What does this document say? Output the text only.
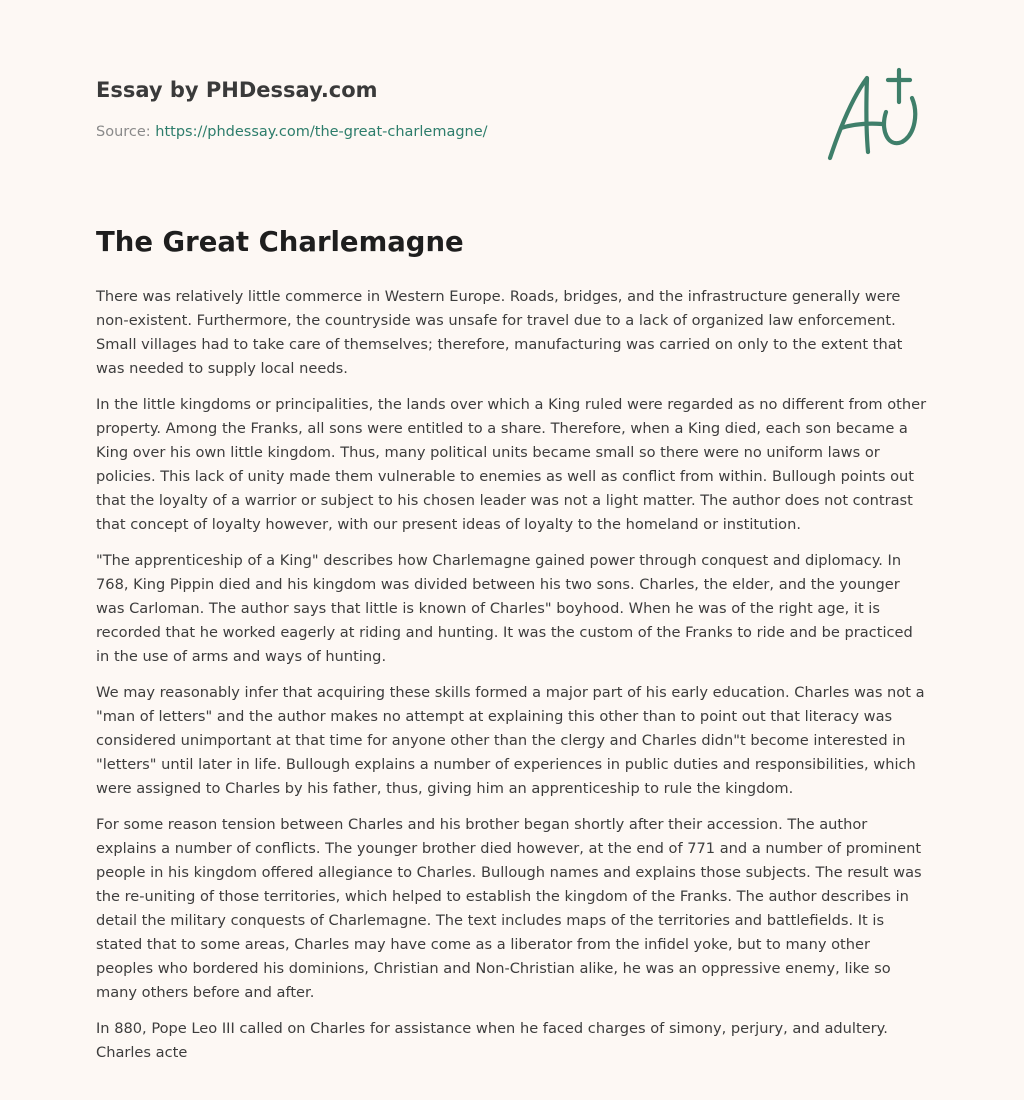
Essay by PHDessay.com

Source: https://phdessay.com/the-great-charlemagne/

The Great Charlemagne

There was relatively little commerce in Western Europe. Roads, bridges, and the infrastructure generally were non-existent. Furthermore, the countryside was unsafe for travel due to a lack of organized law enforcement. Small villages had to take care of themselves; therefore, manufacturing was carried on only to the extent that was needed to supply local needs.

In the little kingdoms or principalities, the lands over which a King ruled were regarded as no different from other property. Among the Franks, all sons were entitled to a share. Therefore, when a King died, each son became a King over his own little kingdom. Thus, many political units became small so there were no uniform laws or policies. This lack of unity made them vulnerable to enemies as well as conflict from within. Bullough points out that the loyalty of a warrior or subject to his chosen leader was not a light matter. The author does not contrast that concept of loyalty however, with our present ideas of loyalty to the homeland or institution.

"The apprenticeship of a King" describes how Charlemagne gained power through conquest and diplomacy. In 768, King Pippin died and his kingdom was divided between his two sons. Charles, the elder, and the younger was Carloman. The author says that little is known of Charles" boyhood. When he was of the right age, it is recorded that he worked eagerly at riding and hunting. It was the custom of the Franks to ride and be practiced in the use of arms and ways of hunting.

We may reasonably infer that acquiring these skills formed a major part of his early education. Charles was not a "man of letters" and the author makes no attempt at explaining this other than to point out that literacy was considered unimportant at that time for anyone other than the clergy and Charles didn"t become interested in "letters" until later in life. Bullough explains a number of experiences in public duties and responsibilities, which were assigned to Charles by his father, thus, giving him an apprenticeship to rule the kingdom.

For some reason tension between Charles and his brother began shortly after their accession. The author explains a number of conflicts. The younger brother died however, at the end of 771 and a number of prominent people in his kingdom offered allegiance to Charles. Bullough names and explains those subjects. The result was the re-uniting of those territories, which helped to establish the kingdom of the Franks. The author describes in detail the military conquests of Charlemagne. The text includes maps of the territories and battlefields. It is stated that to some areas, Charles may have come as a liberator from the infidel yoke, but to many other peoples who bordered his dominions, Christian and Non-Christian alike, he was an oppressive enemy, like so many others before and after.

In 880, Pope Leo III called on Charles for assistance when he faced charges of simony, perjury, and adultery. Charles acte
